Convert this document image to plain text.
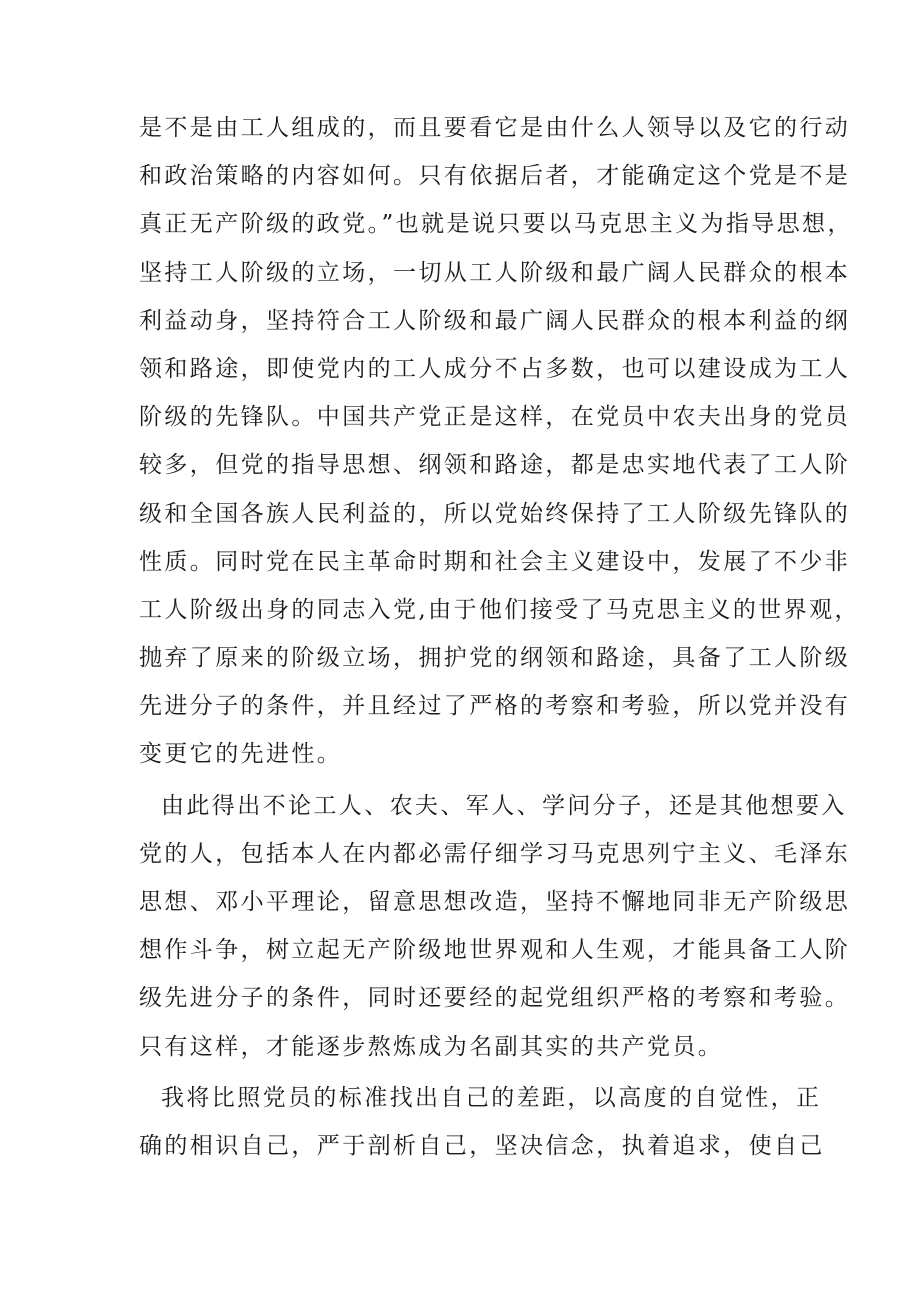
是不是由工人组成的，而且要看它是由什么人领导以及它的行动
和政治策略的内容如何。只有依据后者，才能确定这个党是不是
真正无产阶级的政党。”也就是说只要以马克思主义为指导思想，
坚持工人阶级的立场，一切从工人阶级和最广阔人民群众的根本
利益动身，坚持符合工人阶级和最广阔人民群众的根本利益的纲
领和路途，即使党内的工人成分不占多数，也可以建设成为工人
阶级的先锋队。中国共产党正是这样，在党员中农夫出身的党员
较多，但党的指导思想、纲领和路途，都是忠实地代表了工人阶
级和全国各族人民利益的，所以党始终保持了工人阶级先锋队的
性质。同时党在民主革命时期和社会主义建设中，发展了不少非
工人阶级出身的同志入党,由于他们接受了马克思主义的世界观，
抛弃了原来的阶级立场，拥护党的纲领和路途，具备了工人阶级
先进分子的条件，并且经过了严格的考察和考验，所以党并没有
变更它的先进性。
由此得出不论工人、农夫、军人、学问分子，还是其他想要入
党的人，包括本人在内都必需仔细学习马克思列宁主义、毛泽东
思想、邓小平理论，留意思想改造，坚持不懈地同非无产阶级思
想作斗争，树立起无产阶级地世界观和人生观，才能具备工人阶
级先进分子的条件，同时还要经的起党组织严格的考察和考验。
只有这样，才能逐步熬炼成为名副其实的共产党员。
我将比照党员的标准找出自己的差距，以高度的自觉性，正
确的相识自己，严于剖析自己，坚决信念，执着追求，使自己
